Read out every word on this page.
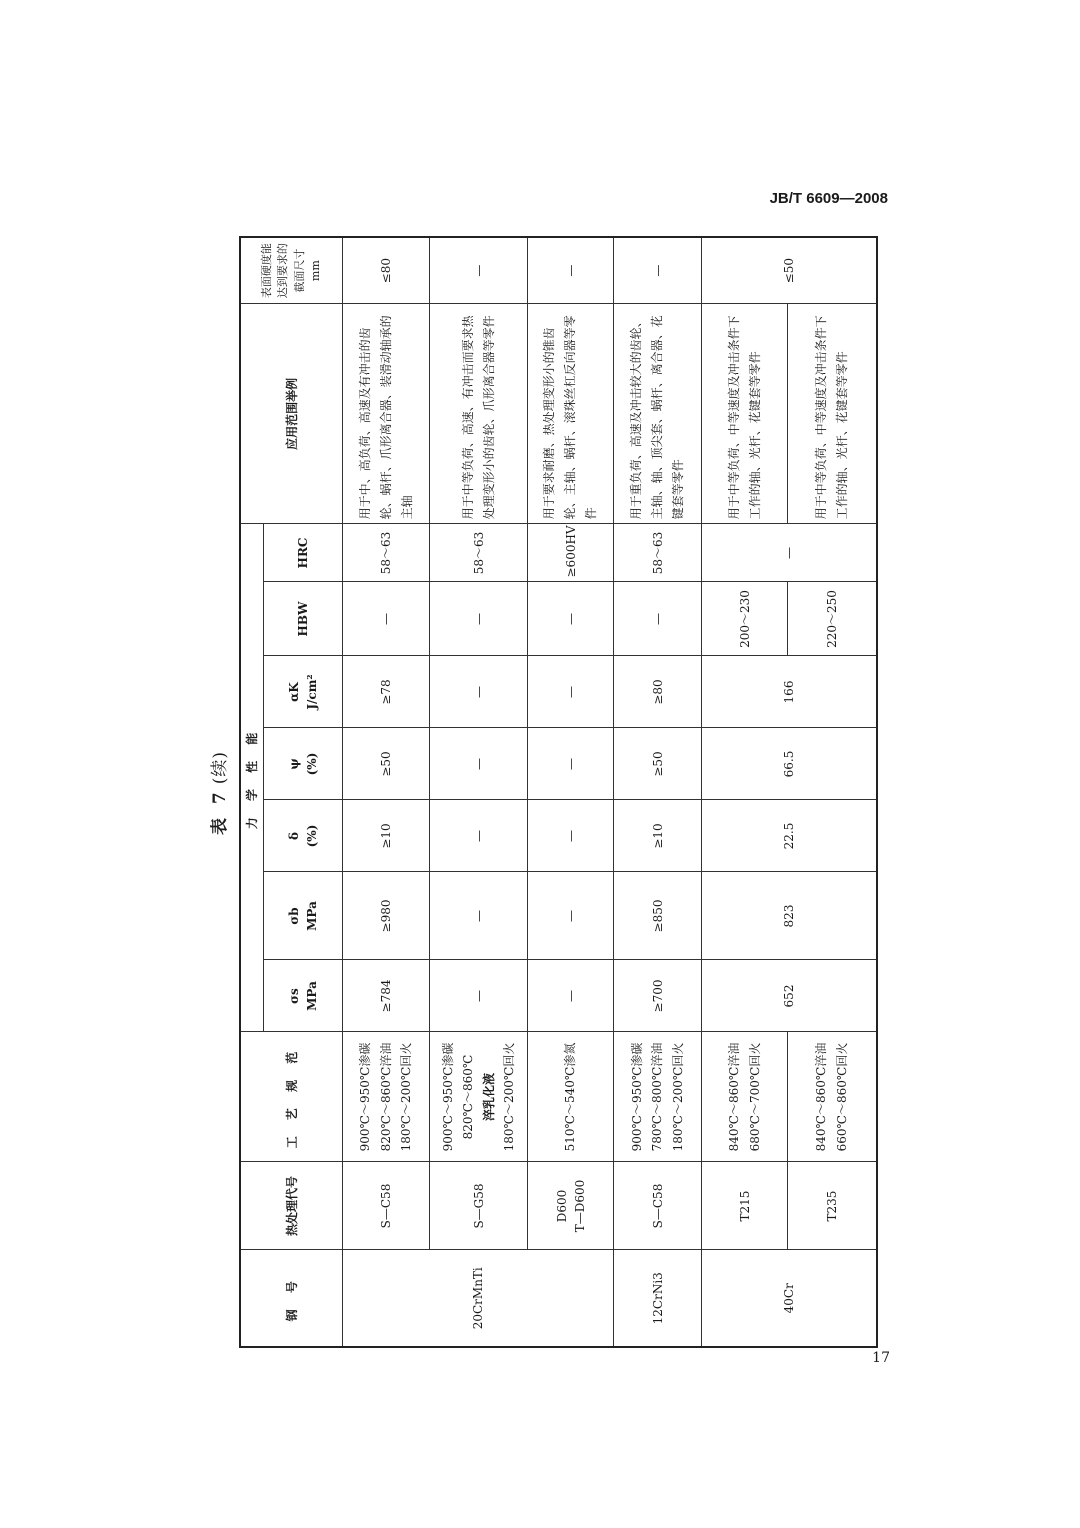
JB/T 6609—2008
表 7
(续)
钢 号	热处理代号	工 艺 规 范	力 学 性 能							应用范围举例	表面硬度能达到要求的截面尺寸mm
			σs MPa	σb MPa	δ (%)	ψ (%)	αK J/cm²	HBW	HRC		
20CrMnTi	S—C58	900℃～950℃渗碳 820℃～860℃淬油 180℃～200℃回火	≥784	≥980	≥10	≥50	≥78	—	58～63	用于中、高负荷、高速及有冲击的齿轮、蜗杆、爪形离合器、装滑动轴承的主轴	≤80
	S—G58	900℃～950℃渗碳 820℃～860℃ 淬乳化液 180℃～200℃回火	—	—	—	—	—	—	58～63	用于中等负荷、高速、有冲击而要求热处理变形小的齿轮、爪形离合器等零件	—

	D600 T—D600	510℃～540℃渗氮	—	—	—	—	—	—	≥600HV	用于要求耐磨、热处理变形小的锥齿轮、主轴、蜗杆、滚珠丝杠反向器等零件	—
12CrNi3	S—C58	900℃～950℃渗碳 780℃～800℃淬油 180℃～200℃回火	≥700	≥850	≥10	≥50	≥80	—	58～63	用于重负荷、高速及冲击较大的齿轮、主轴、轴、顶尖套、蜗杆、离合器、花键套等零件	—
40Cr	T215	840℃～860℃淬油 680℃～700℃回火	652	823	22.5	66.5	166	200～230	—	用于中等负荷、中等速度及冲击条件下工作的轴、光杆、花键套等零件	≤50
	T235	840℃～860℃淬油 660℃～860℃回火						220～250		用于中等负荷、中等速度及冲击条件下工作的轴、光杆、花键套等零件	
17
